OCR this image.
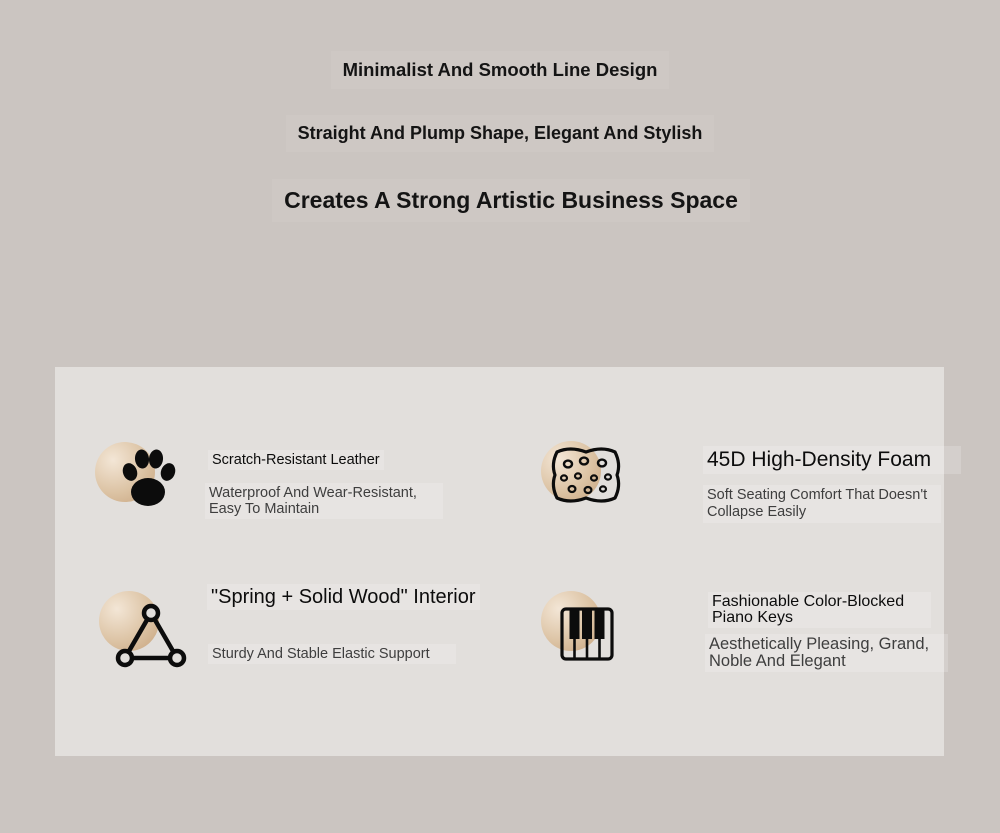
Minimalist And Smooth Line Design
Straight And Plump Shape, Elegant And Stylish
Creates A Strong Artistic Business Space

Scratch-Resistant Leather

Waterproof And Wear-Resistant, Easy To Maintain

45D High-Density Foam

Soft Seating Comfort That Doesn't Collapse Easily

"Spring + Solid Wood" Interior

Sturdy And Stable Elastic Support

Fashionable Color-Blocked Piano Keys

Aesthetically Pleasing, Grand, Noble And Elegant
